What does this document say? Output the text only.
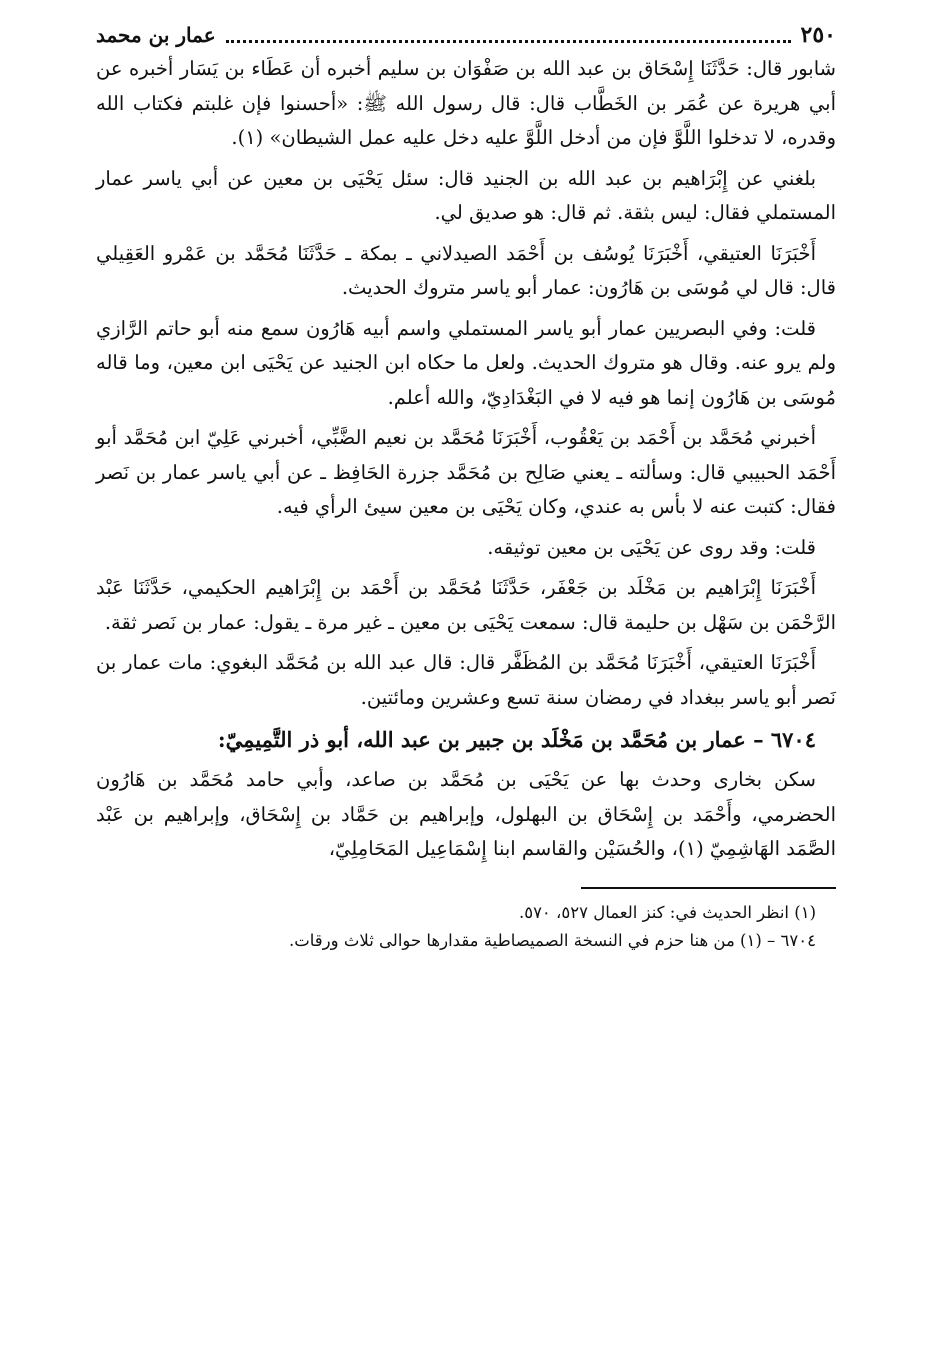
٢٥٠
عمار بن محمد

شابور قال: حَدَّثَنَا إِسْحَاق بن عبد الله بن صَفْوَان بن سليم أخبره أن عَطَاء بن يَسَار أخبره عن أبي هريرة عن عُمَر بن الخَطَّاب قال: قال رسول الله ﷺ: «أحسنوا فإن غلبتم فكتاب الله وقدره، لا تدخلوا اللَّوَّ فإن من أدخل اللَّوَّ عليه دخل عليه عمل الشيطان» (١).

بلغني عن إِبْرَاهيم بن عبد الله بن الجنيد قال: سئل يَحْيَى بن معين عن أبي ياسر عمار المستملي فقال: ليس بثقة. ثم قال: هو صديق لي.

أَخْبَرَنَا العتيقي، أَخْبَرَنَا يُوسُف بن أَحْمَد الصيدلاني ـ بمكة ـ حَدَّثَنَا مُحَمَّد بن عَمْرو العَقِيلي قال: قال لي مُوسَى بن هَارُون: عمار أبو ياسر متروك الحديث.

قلت: وفي البصريين عمار أبو ياسر المستملي واسم أبيه هَارُون سمع منه أبو حاتم الرَّازي ولم يرو عنه. وقال هو متروك الحديث. ولعل ما حكاه ابن الجنيد عن يَحْيَى ابن معين، وما قاله مُوسَى بن هَارُون إنما هو فيه لا في البَغْدَادِيّ، والله أعلم.

أخبرني مُحَمَّد بن أَحْمَد بن يَعْقُوب، أَخْبَرَنَا مُحَمَّد بن نعيم الضَّبِّي، أخبرني عَلِيّ ابن مُحَمَّد أبو أَحْمَد الحبيبي قال: وسألته ـ يعني صَالِح بن مُحَمَّد جزرة الحَافِظ ـ عن أبي ياسر عمار بن نَصر فقال: كتبت عنه لا بأس به عندي، وكان يَحْيَى بن معين سيئ الرأي فيه.

قلت: وقد روى عن يَحْيَى بن معين توثيقه.

أَخْبَرَنَا إِبْرَاهيم بن مَخْلَد بن جَعْفَر، حَدَّثَنَا مُحَمَّد بن أَحْمَد بن إِبْرَاهيم الحكيمي، حَدَّثَنَا عَبْد الرَّحْمَن بن سَهْل بن حليمة قال: سمعت يَحْيَى بن معين ـ غير مرة ـ يقول: عمار بن نَصر ثقة.

أَخْبَرَنَا العتيقي، أَخْبَرَنَا مُحَمَّد بن المُظَفَّر قال: قال عبد الله بن مُحَمَّد البغوي: مات عمار بن نَصر أبو ياسر ببغداد في رمضان سنة تسع وعشرين ومائتين.

٦٧٠٤ – عمار بن مُحَمَّد بن مَخْلَد بن جبير بن عبد الله، أبو ذر التَّمِيمِيّ:

سكن بخارى وحدث بها عن يَحْيَى بن مُحَمَّد بن صاعد، وأبي حامد مُحَمَّد بن هَارُون الحضرمي، وأَحْمَد بن إِسْحَاق بن البهلول، وإبراهيم بن حَمَّاد بن إِسْحَاق، وإبراهيم بن عَبْد الصَّمَد الهَاشِمِيّ (١)، والحُسَيْن والقاسم ابنا إِسْمَاعِيل المَحَامِلِيّ،

(١) انظر الحديث في: كنز العمال ٥٢٧، ٥٧٠.
٦٧٠٤ – (١) من هنا حزم في النسخة الصميصاطية مقدارها حوالى ثلاث ورقات.
